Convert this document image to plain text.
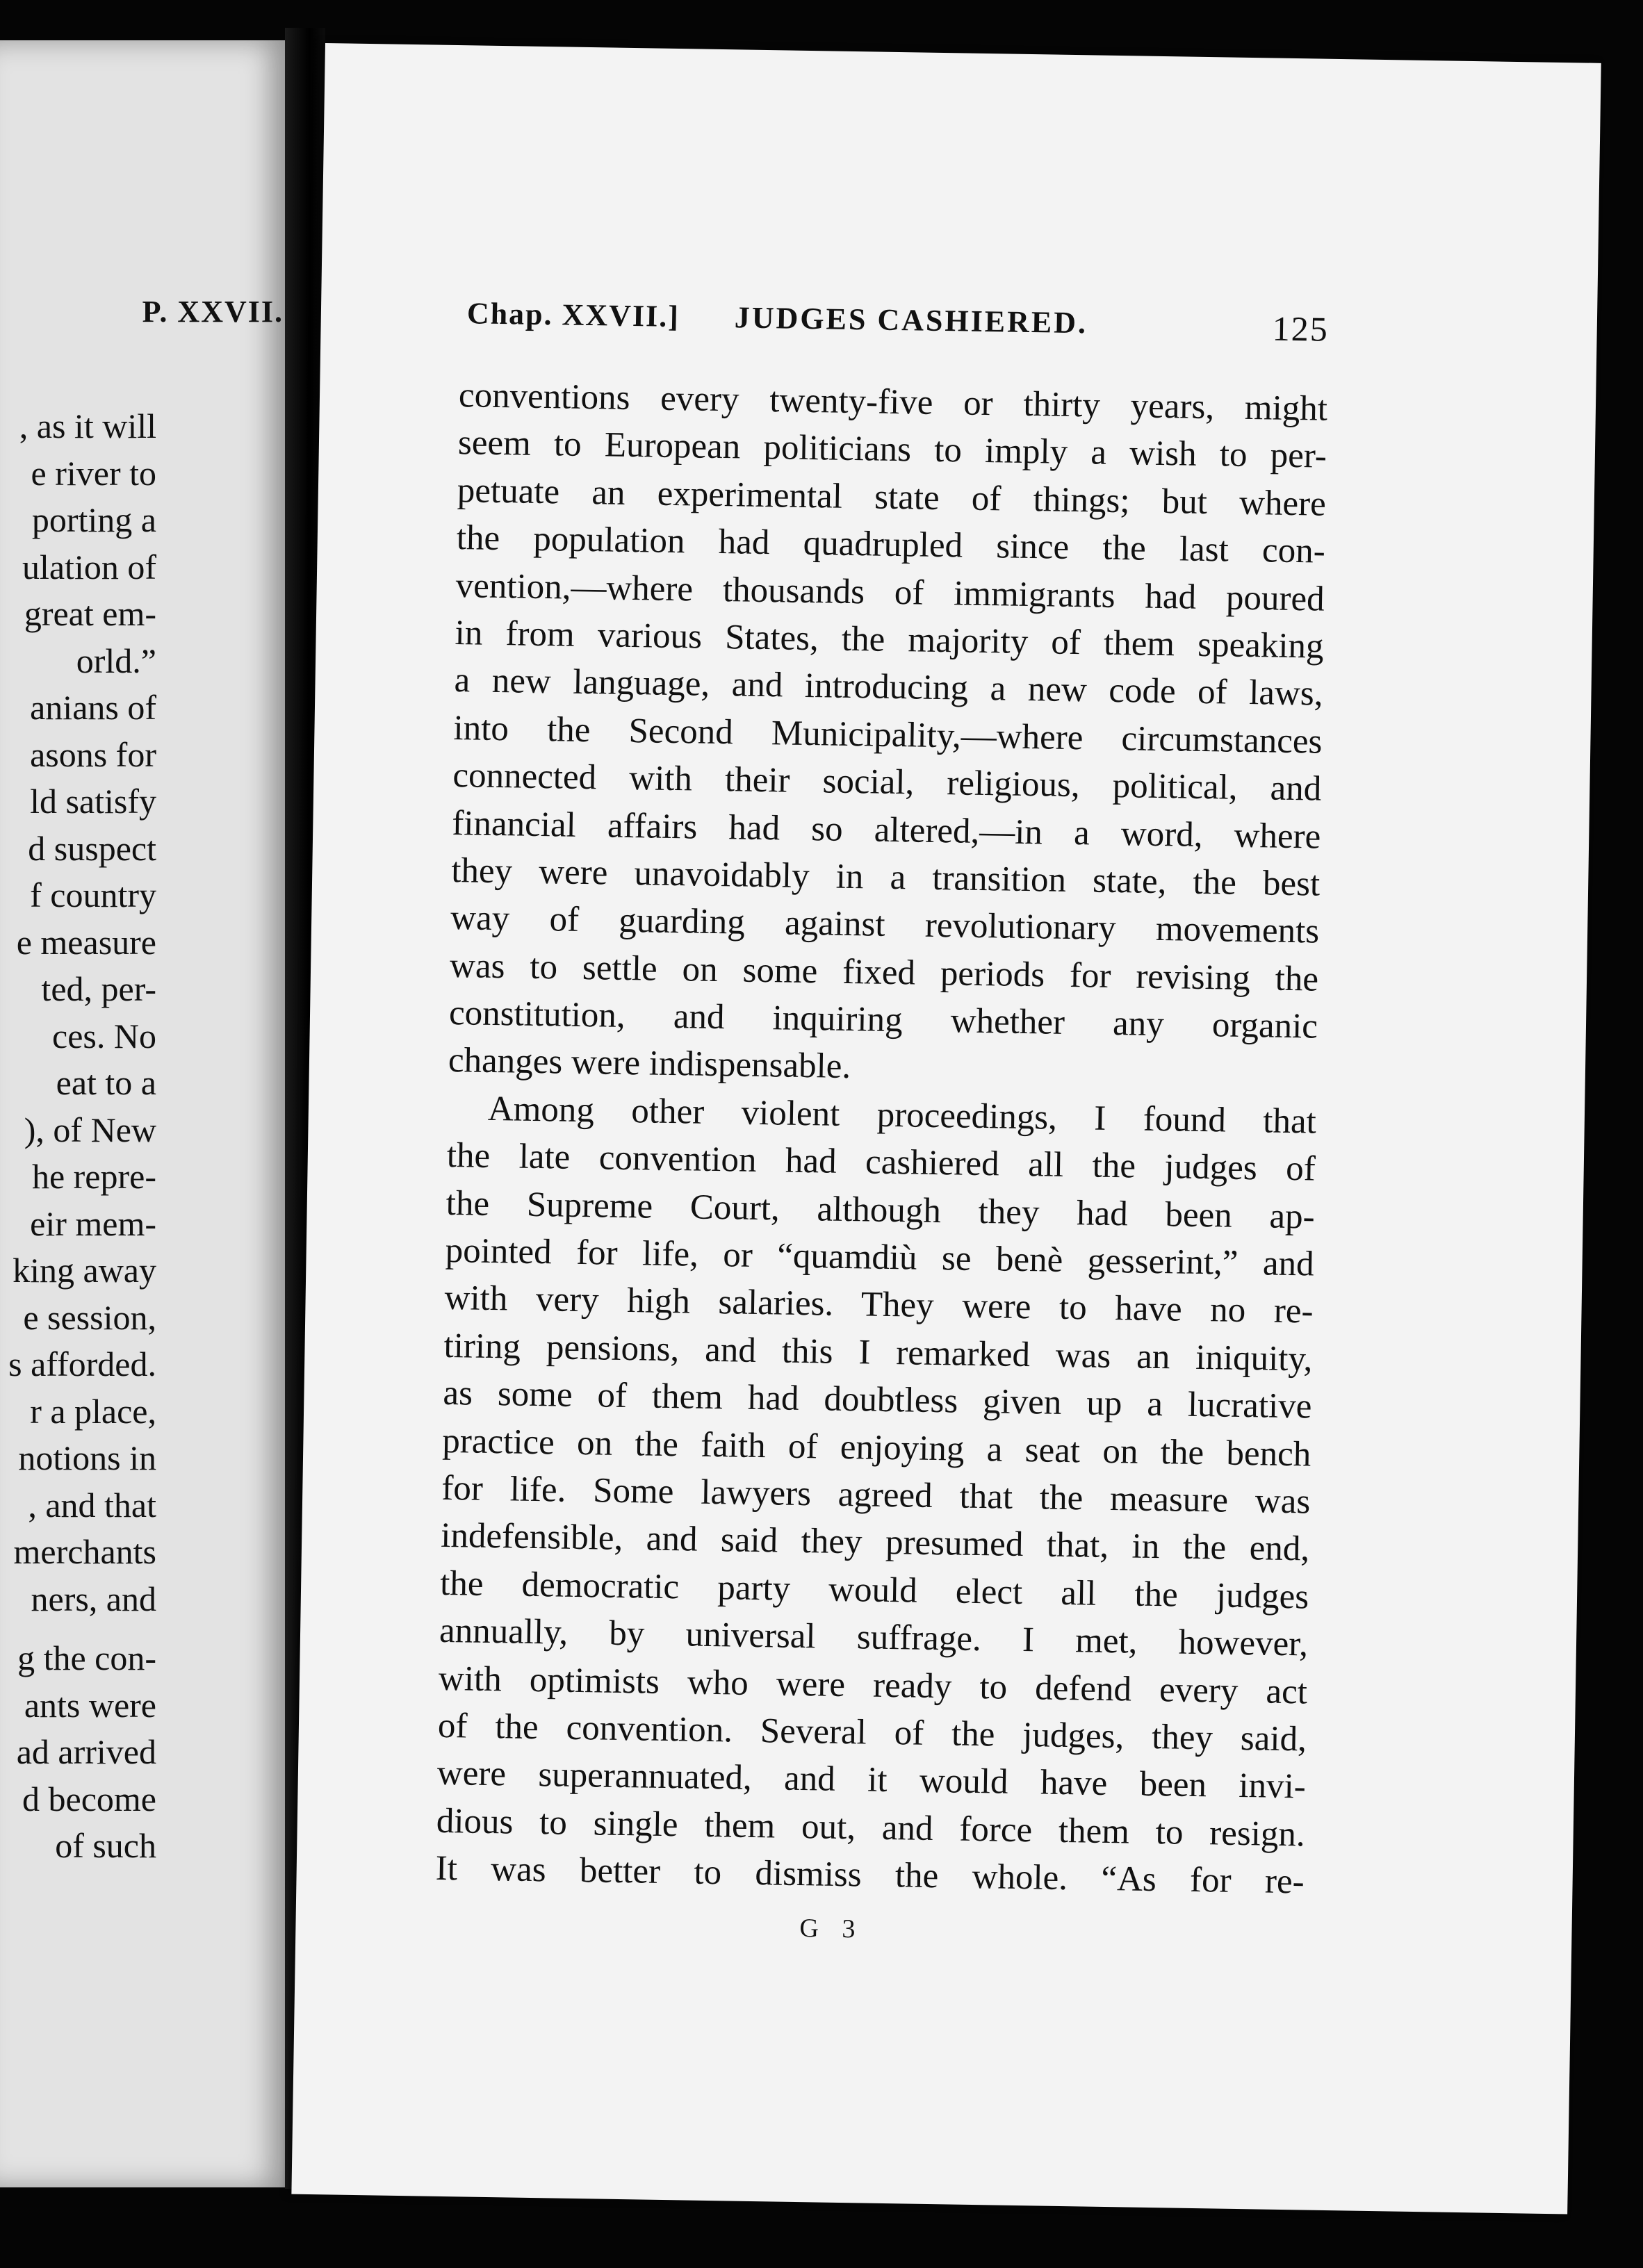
P. XXVII.
, as it will
e river to
porting a
ulation of
great em-
orld.”
anians of
asons for
ld satisfy
d suspect
f country
e measure
ted, per-
ces. No
eat to a
), of New
he repre-
eir mem-
king away
e session,
s afforded.
r a place,
notions in
, and that
merchants
ners, and
g the con-
ants were
ad arrived
d become
of such
Chap. XXVII.] JUDGES CASHIERED.	125
conventions every twenty-five or thirty years, might
seem to European politicians to imply a wish to per-
petuate an experimental state of things; but where
the population had quadrupled since the last con-
vention,—where thousands of immigrants had poured
in from various States, the majority of them speaking
a new language, and introducing a new code of laws,
into the Second Municipality,—where circumstances
connected with their social, religious, political, and
financial affairs had so altered,—in a word, where
they were unavoidably in a transition state, the best
way of guarding against revolutionary movements
was to settle on some fixed periods for revising the
constitution, and inquiring whether any organic
changes were indispensable.
Among other violent proceedings, I found that
the late convention had cashiered all the judges of
the Supreme Court, although they had been ap-
pointed for life, or “quamdiù se benè gesserint,” and
with very high salaries. They were to have no re-
tiring pensions, and this I remarked was an iniquity,
as some of them had doubtless given up a lucrative
practice on the faith of enjoying a seat on the bench
for life. Some lawyers agreed that the measure was
indefensible, and said they presumed that, in the end,
the democratic party would elect all the judges
annually, by universal suffrage. I met, however,
with optimists who were ready to defend every act
of the convention. Several of the judges, they said,
were superannuated, and it would have been invi-
dious to single them out, and force them to resign.
It was better to dismiss the whole. “As for re-
G 3
